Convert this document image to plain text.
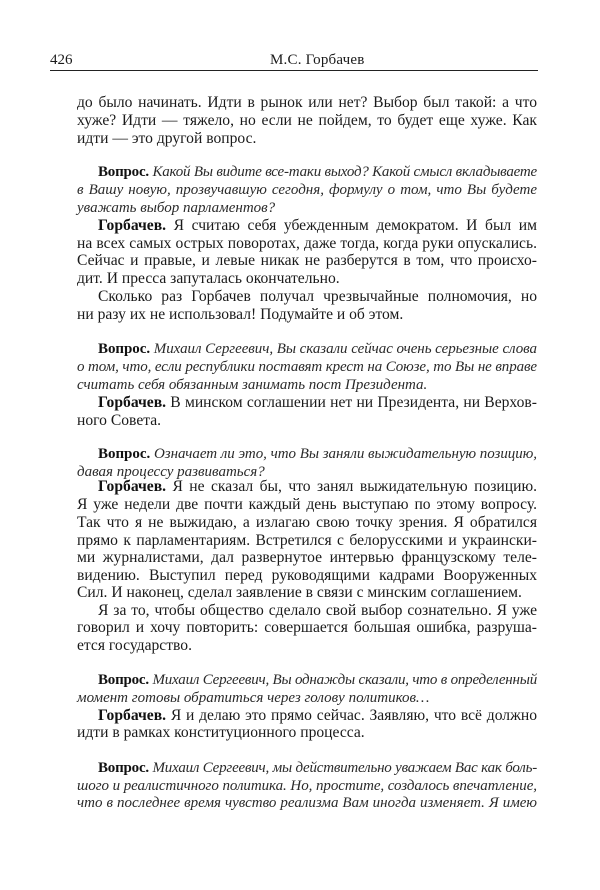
426	М.С. Горбачев
до было начинать. Идти в рынок или нет? Выбор был такой: а что
хуже? Идти — тяжело, но если не пойдем, то будет еще хуже. Как
идти — это другой вопрос.
Вопрос. Какой Вы видите все-таки выход? Какой смысл вкладываете
в Вашу новую, прозвучавшую сегодня, формулу о том, что Вы будете
уважать выбор парламентов?
Горбачев. Я считаю себя убежденным демократом. И был им
на всех самых острых поворотах, даже тогда, когда руки опускались.
Сейчас и правые, и левые никак не разберутся в том, что происхо-
дит. И пресса запуталась окончательно.
Сколько раз Горбачев получал чрезвычайные полномочия, но
ни разу их не использовал! Подумайте и об этом.
Вопрос. Михаил Сергеевич, Вы сказали сейчас очень серьезные слова
о том, что, если республики поставят крест на Союзе, то Вы не вправе
считать себя обязанным занимать пост Президента.
Горбачев. В минском соглашении нет ни Президента, ни Верхов-
ного Совета.
Вопрос. Означает ли это, что Вы заняли выжидательную позицию,
давая процессу развиваться?
Горбачев. Я не сказал бы, что занял выжидательную позицию.
Я уже недели две почти каждый день выступаю по этому вопросу.
Так что я не выжидаю, а излагаю свою точку зрения. Я обратился
прямо к парламентариям. Встретился с белорусскими и украински-
ми журналистами, дал развернутое интервью французскому теле-
видению. Выступил перед руководящими кадрами Вооруженных
Сил. И наконец, сделал заявление в связи с минским соглашением.
Я за то, чтобы общество сделало свой выбор сознательно. Я уже
говорил и хочу повторить: совершается большая ошибка, разруша-
ется государство.
Вопрос. Михаил Сергеевич, Вы однажды сказали, что в определенный
момент готовы обратиться через голову политиков…
Горбачев. Я и делаю это прямо сейчас. Заявляю, что всё должно
идти в рамках конституционного процесса.
Вопрос. Михаил Сергеевич, мы действительно уважаем Вас как боль-
шого и реалистичного политика. Но, простите, создалось впечатление,
что в последнее время чувство реализма Вам иногда изменяет. Я имею
